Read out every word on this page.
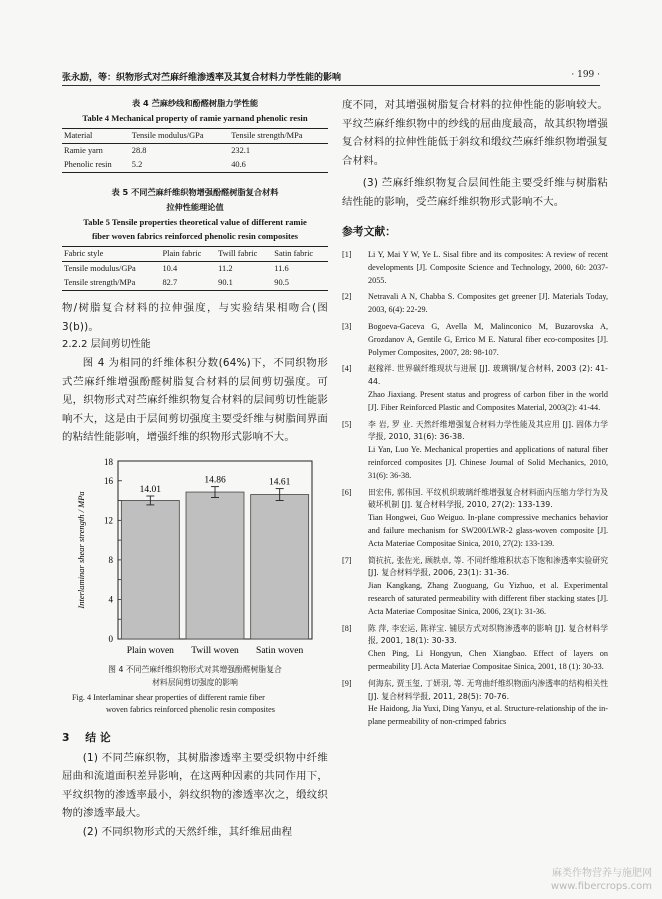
张永励，等：织物形式对苎麻纤维渗透率及其复合材料力学性能的影响	· 199 ·
表 4 苎麻纱线和酚醛树脂力学性能
Table 4 Mechanical property of ramie yarnand phenolic resin
Material	Tensile modulus/GPa	Tensile strength/MPa
Ramie yarn	28.8	232.1
Phenolic resin	5.2	40.6
表 5 不同苎麻纤维织物增强酚醛树脂复合材料
拉伸性能理论值
Table 5 Tensile properties theoretical value of different ramie
fiber woven fabrics reinforced phenolic resin composites
Fabric style	Plain fabric	Twill fabric	Satin fabric
Tensile modulus/GPa	10.4	11.2	11.6
Tensile strength/MPa	82.7	90.1	90.5

物/树脂复合材料的拉伸强度，与实验结果相吻合(图 3(b))。

2.2.2 层间剪切性能

图 4 为相同的纤维体积分数(64%)下，不同织物形式苎麻纤维增强酚醛树脂复合材料的层间剪切强度。可见，织物形式对苎麻纤维织物复合材料的层间剪切性能影响不大，这是由于层间剪切强度主要受纤维与树脂间界面的粘结性能影响，增强纤维的织物形式影响不大。

0
4
8
12
16
18
Interlaminar shear strength / MPa
14.01
Plain woven
14.86
Twill woven
14.61
Satin woven
图 4 不同苎麻纤维织物形式对其增强酚醛树脂复合
材料层间剪切强度的影响
Fig. 4 Interlaminar shear properties of different ramie fiber
woven fabrics reinforced phenolic resin composites
3 结 论

(1) 不同苎麻织物，其树脂渗透率主要受织物中纤维屈曲和流道面积差异影响，在这两种因素的共同作用下，平纹织物的渗透率最小，斜纹织物的渗透率次之，缎纹织物的渗透率最大。

(2) 不同织物形式的天然纤维，其纤维屈曲程

度不同，对其增强树脂复合材料的拉伸性能的影响较大。平纹苎麻纤维织物中的纱线的屈曲度最高，故其织物增强复合材料的拉伸性能低于斜纹和缎纹苎麻纤维织物增强复合材料。

(3) 苎麻纤维织物复合层间性能主要受纤维与树脂粘结性能的影响，受苎麻纤维织物形式影响不大。

参考文献：
[1] Li Y, Mai Y W, Ye L. Sisal fibre and its composites: A review of recent developments [J]. Composite Science and Technology, 2000, 60: 2037-2055.
[2] Netravali A N, Chabba S. Composites get greener [J]. Materials Today, 2003, 6(4): 22-29.
[3] Bogoeva-Gaceva G, Avella M, Malinconico M, Buzarovska A, Grozdanov A, Gentile G, Errico M E. Natural fiber eco-composites [J]. Polymer Composites, 2007, 28: 98-107.
[4] 赵稼祥. 世界碳纤维现状与进展 [J]. 玻璃钢/复合材料, 2003 (2): 41-44.
Zhao Jiaxiang. Present status and progress of carbon fiber in the world [J]. Fiber Reinforced Plastic and Composites Material, 2003(2): 41-44.
[5] 李 岩, 罗 业. 天然纤维增强复合材料力学性能及其应用 [J]. 固体力学学报, 2010, 31(6): 36-38.
Li Yan, Luo Ye. Mechanical properties and applications of natural fiber reinforced composites [J]. Chinese Journal of Solid Mechanics, 2010, 31(6): 36-38.
[6] 田宏伟, 郭伟国. 平纹机织玻璃纤维增强复合材料面内压缩力学行为及破坏机制 [J]. 复合材料学报, 2010, 27(2): 133-139.
Tian Hongwei, Guo Weiguo. In-plane compressive mechanics behavior and failure mechanism for SW200/LWR-2 glass-woven composite [J]. Acta Materiae Compositae Sinica, 2010, 27(2): 133-139.
[7] 简抗抗, 张佐光, 顾轶卓, 等. 不同纤维堆积状态下饱和渗透率实验研究 [J]. 复合材料学报, 2006, 23(1): 31-36.
Jian Kangkang, Zhang Zuoguang, Gu Yizhuo, et al. Experimental research of saturated permeability with different fiber stacking states [J]. Acta Materiae Compositae Sinica, 2006, 23(1): 31-36.
[8] 陈 萍, 李宏运, 陈祥宝. 铺层方式对织物渗透率的影响 [J]. 复合材料学报, 2001, 18(1): 30-33.
Chen Ping, Li Hongyun, Chen Xiangbao. Effect of layers on permeability [J]. Acta Materiae Compositae Sinica, 2001, 18 (1): 30-33.
[9] 何海东, 贾玉玺, 丁妍羽, 等. 无弯曲纤维织物面内渗透率的结构相关性 [J]. 复合材料学报, 2011, 28(5): 70-76.
He Haidong, Jia Yuxi, Ding Yanyu, et al. Structure-relationship of the in-plane permeability of non-crimped fabrics
麻类作物营养与施肥网
www.fibercrops.com
